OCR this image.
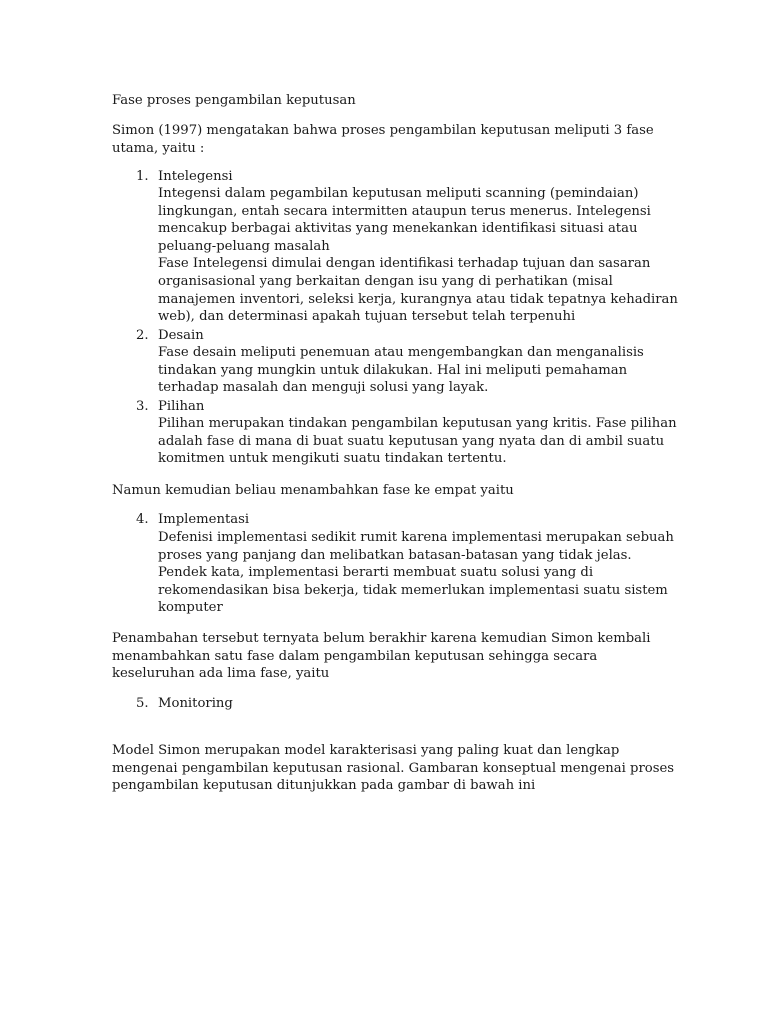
Fase proses pengambilan keputusan

Simon (1997) mengatakan bahwa proses pengambilan keputusan meliputi 3 fase
utama, yaitu :

1. Intelegensi

Integensi dalam pegambilan keputusan meliputi scanning (pemindaian)
lingkungan, entah secara intermitten ataupun terus menerus. Intelegensi
mencakup berbagai aktivitas yang menekankan identifikasi situasi atau
peluang-peluang masalah
Fase Intelegensi dimulai dengan identifikasi terhadap tujuan dan sasaran
organisasional yang berkaitan dengan isu yang di perhatikan (misal
manajemen inventori, seleksi kerja, kurangnya atau tidak tepatnya kehadiran
web), dan determinasi apakah tujuan tersebut telah terpenuhi

2. Desain

Fase desain meliputi penemuan atau mengembangkan dan menganalisis
tindakan yang mungkin untuk dilakukan. Hal ini meliputi pemahaman
terhadap masalah dan menguji solusi yang layak.

3. Pilihan

Pilihan merupakan tindakan pengambilan keputusan yang kritis. Fase pilihan
adalah fase di mana di buat suatu keputusan yang nyata dan di ambil suatu
komitmen untuk mengikuti suatu tindakan tertentu.

Namun kemudian beliau menambahkan fase ke empat yaitu

4. Implementasi

Defenisi implementasi sedikit rumit karena implementasi merupakan sebuah
proses yang panjang dan melibatkan batasan-batasan yang tidak jelas.
Pendek kata, implementasi berarti membuat suatu solusi yang di
rekomendasikan bisa bekerja, tidak memerlukan implementasi suatu sistem
komputer

Penambahan tersebut ternyata belum berakhir karena kemudian Simon kembali
menambahkan satu fase dalam pengambilan keputusan sehingga secara
keseluruhan ada lima fase, yaitu

5. Monitoring

Model Simon merupakan model karakterisasi yang paling kuat dan lengkap
mengenai pengambilan keputusan rasional. Gambaran konseptual mengenai proses
pengambilan keputusan ditunjukkan pada gambar di bawah ini
